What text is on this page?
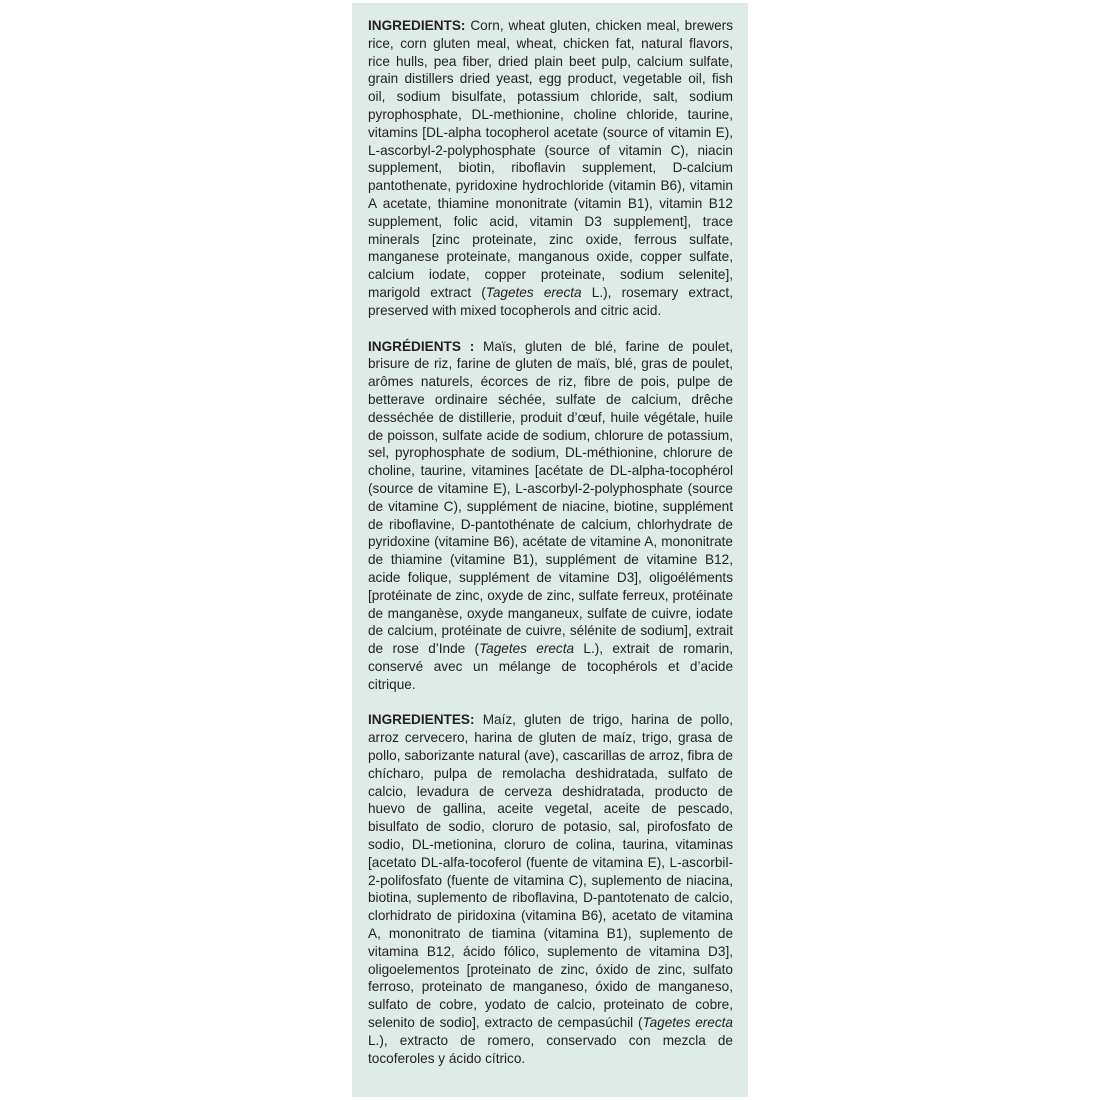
INGREDIENTS: Corn, wheat gluten, chicken meal, brewers rice, corn gluten meal, wheat, chicken fat, natural flavors, rice hulls, pea fiber, dried plain beet pulp, calcium sulfate, grain distillers dried yeast, egg product, vegetable oil, fish oil, sodium bisulfate, potassium chloride, salt, sodium pyrophosphate, DL-methionine, choline chloride, taurine, vitamins [DL-alpha tocopherol acetate (source of vitamin E), L-ascorbyl-2-polyphosphate (source of vitamin C), niacin supplement, biotin, riboflavin supplement, D-calcium pantothenate, pyridoxine hydrochloride (vitamin B6), vitamin A acetate, thiamine mononitrate (vitamin B1), vitamin B12 supplement, folic acid, vitamin D3 supplement], trace minerals [zinc proteinate, zinc oxide, ferrous sulfate, manganese proteinate, manganous oxide, copper sulfate, calcium iodate, copper proteinate, sodium selenite], marigold extract (Tagetes erecta L.), rosemary extract, preserved with mixed tocopherols and citric acid.

INGRÉDIENTS : Maïs, gluten de blé, farine de poulet, brisure de riz, farine de gluten de maïs, blé, gras de poulet, arômes naturels, écorces de riz, fibre de pois, pulpe de betterave ordinaire séchée, sulfate de calcium, drêche desséchée de distillerie, produit d’œuf, huile végétale, huile de poisson, sulfate acide de sodium, chlorure de potassium, sel, pyrophosphate de sodium, DL-méthionine, chlorure de choline, taurine, vitamines [acétate de DL-alpha-tocophérol (source de vitamine E), L-ascorbyl-2-polyphosphate (source de vitamine C), supplément de niacine, biotine, supplément de riboflavine, D-pantothénate de calcium, chlorhydrate de pyridoxine (vitamine B6), acétate de vitamine A, mononitrate de thiamine (vitamine B1), supplément de vitamine B12, acide folique, supplément de vitamine D3], oligoéléments [protéinate de zinc, oxyde de zinc, sulfate ferreux, protéinate de manganèse, oxyde manganeux, sulfate de cuivre, iodate de calcium, protéinate de cuivre, sélénite de sodium], extrait de rose d’Inde (Tagetes erecta L.), extrait de romarin, conservé avec un mélange de tocophérols et d’acide citrique.

INGREDIENTES: Maíz, gluten de trigo, harina de pollo, arroz cervecero, harina de gluten de maíz, trigo, grasa de pollo, saborizante natural (ave), cascarillas de arroz, fibra de chícharo, pulpa de remolacha deshidratada, sulfato de calcio, levadura de cerveza deshidratada, producto de huevo de gallina, aceite vegetal, aceite de pescado, bisulfato de sodio, cloruro de potasio, sal, pirofosfato de sodio, DL-metionina, cloruro de colina, taurina, vitaminas [acetato DL-alfa-tocoferol (fuente de vitamina E), L-ascorbil-2-polifosfato (fuente de vitamina C), suplemento de niacina, biotina, suplemento de riboflavina, D-pantotenato de calcio, clorhidrato de piridoxina (vitamina B6), acetato de vitamina A, mononitrato de tiamina (vitamina B1), suplemento de vitamina B12, ácido fólico, suplemento de vitamina D3], oligoelementos [proteinato de zinc, óxido de zinc, sulfato ferroso, proteinato de manganeso, óxido de manganeso, sulfato de cobre, yodato de calcio, proteinato de cobre, selenito de sodio], extracto de cempasúchil (Tagetes erecta L.), extracto de romero, conservado con mezcla de tocoferoles y ácido cítrico.
